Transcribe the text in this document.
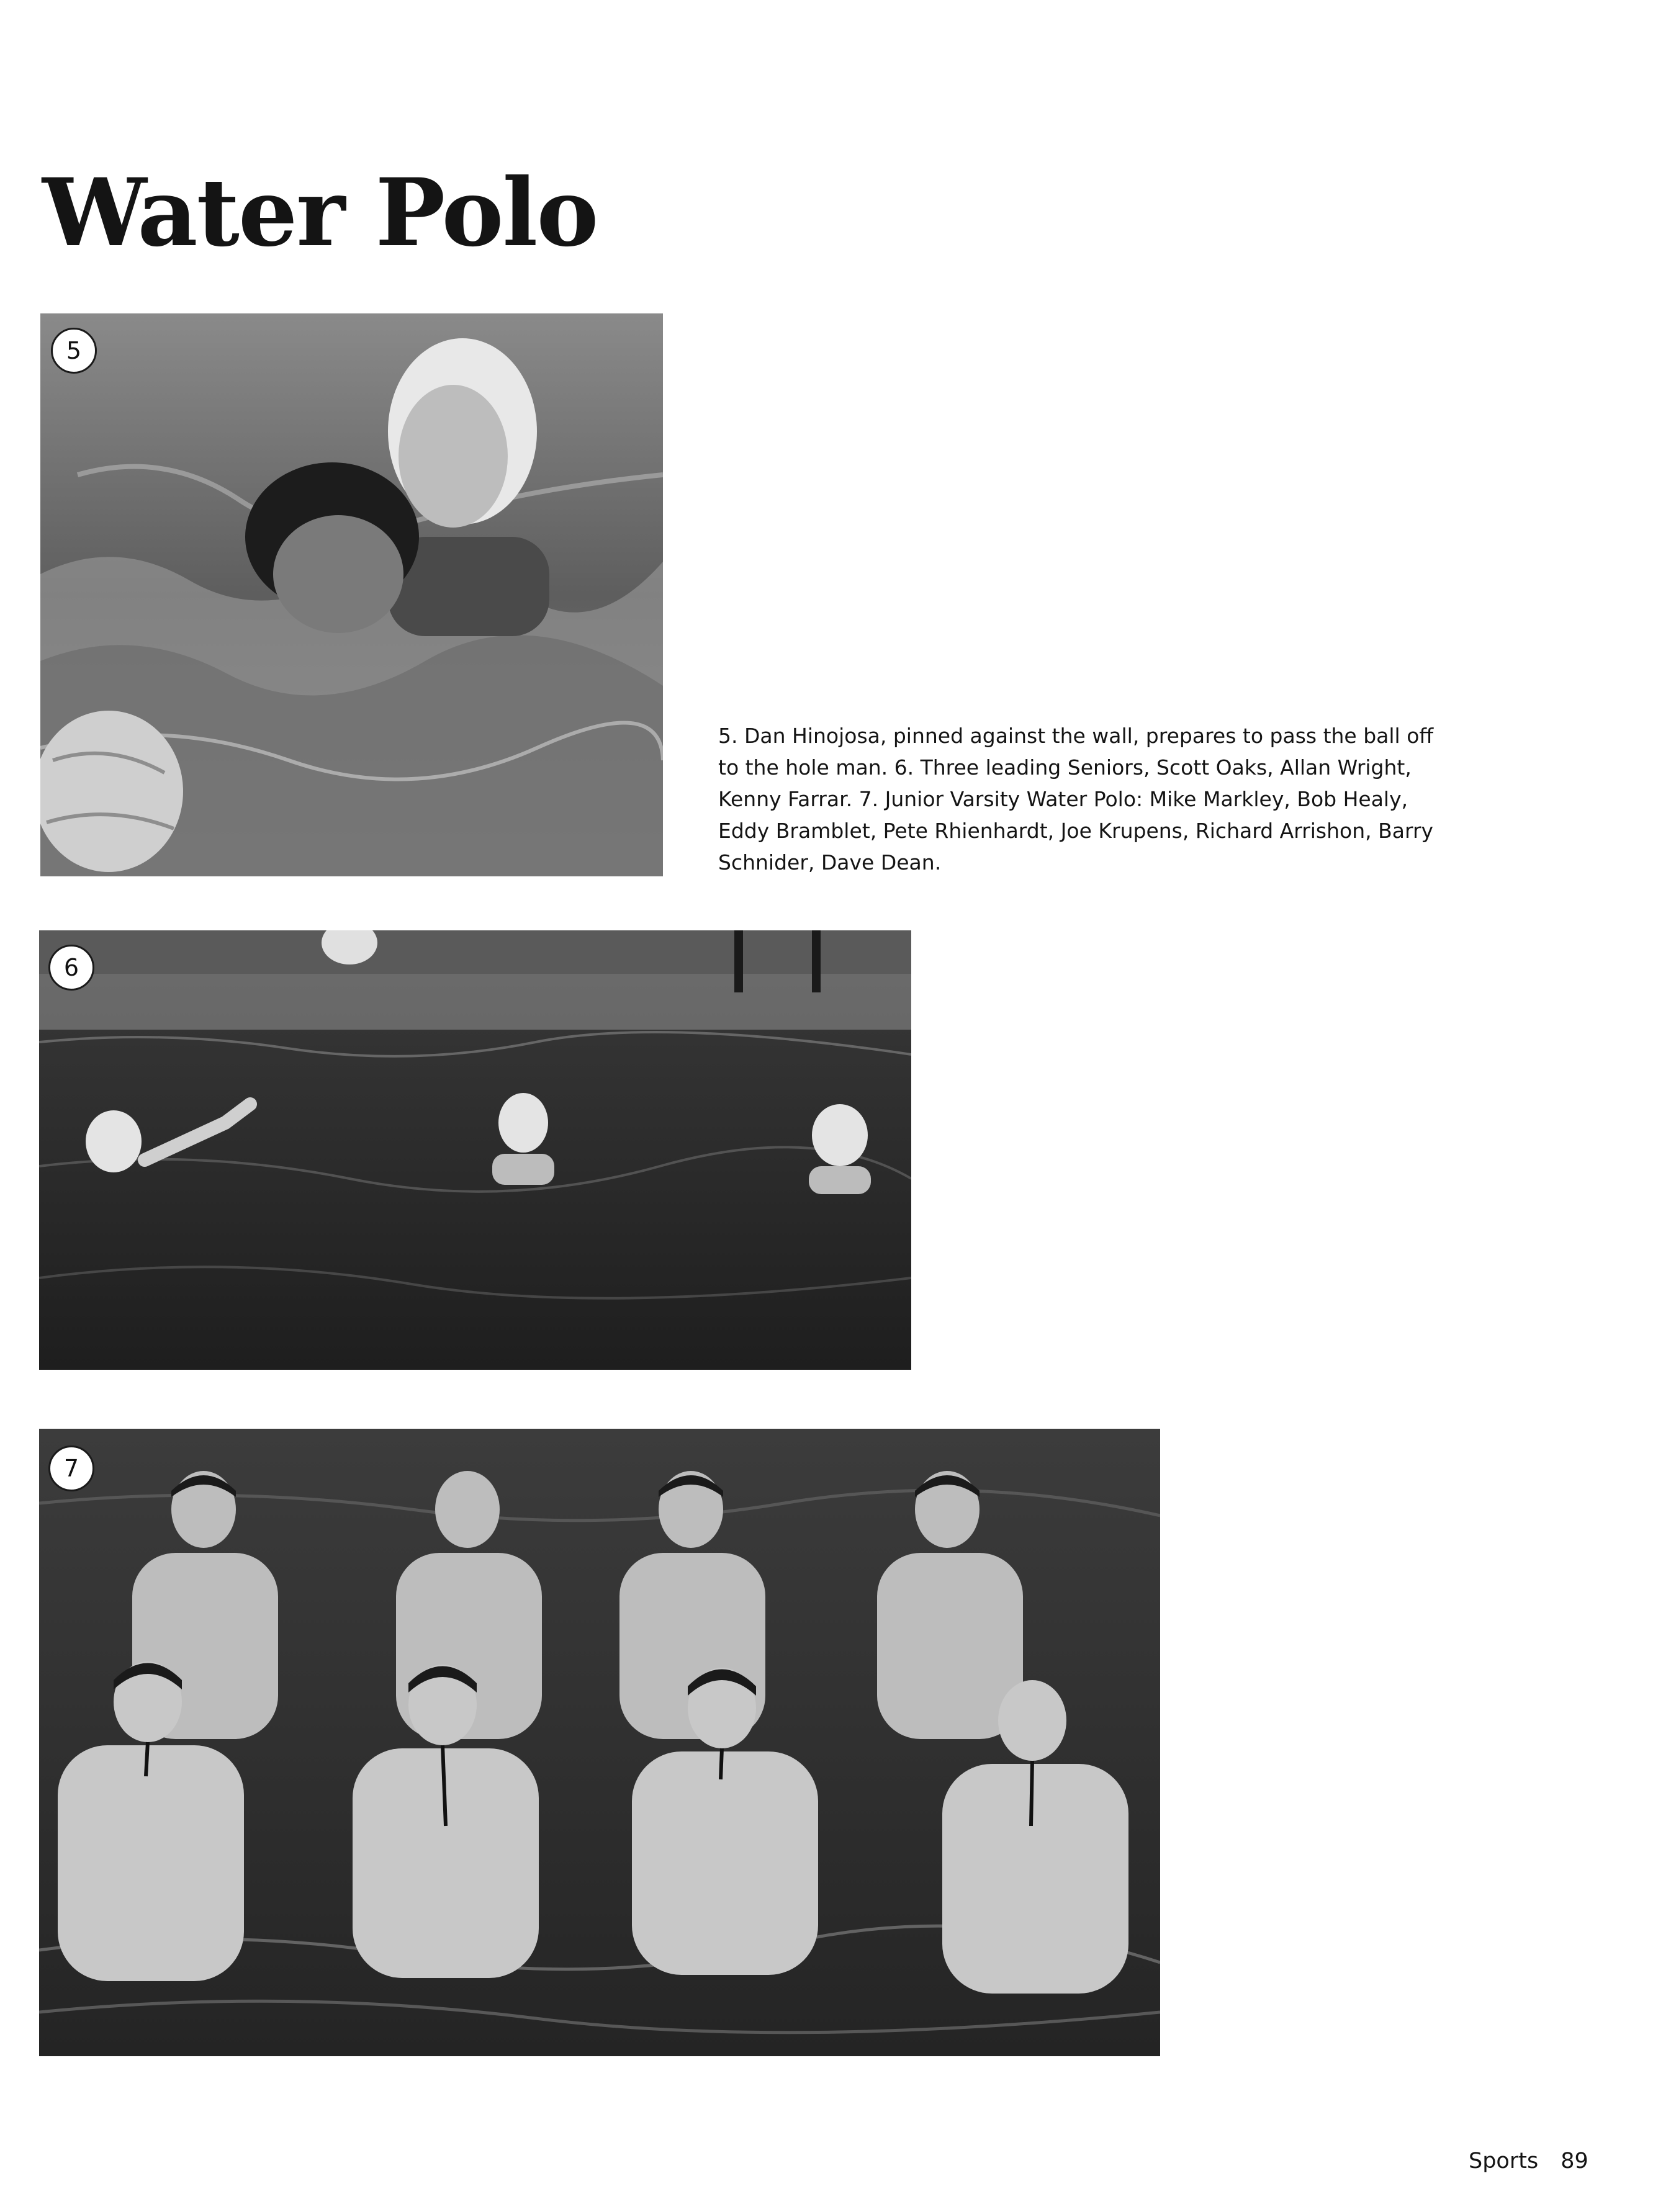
Water Polo
5

5. Dan Hinojosa, pinned against the wall, prepares to pass the ball off to the hole man. 6. Three leading Seniors, Scott Oaks, Allan Wright, Kenny Farrar. 7. Junior Varsity Water Polo: Mike Markley, Bob Healy, Eddy Bramblet, Pete Rhienhardt, Joe Krupens, Richard Arrishon, Barry Schnider, Dave Dean.

6
7
Sports 89
